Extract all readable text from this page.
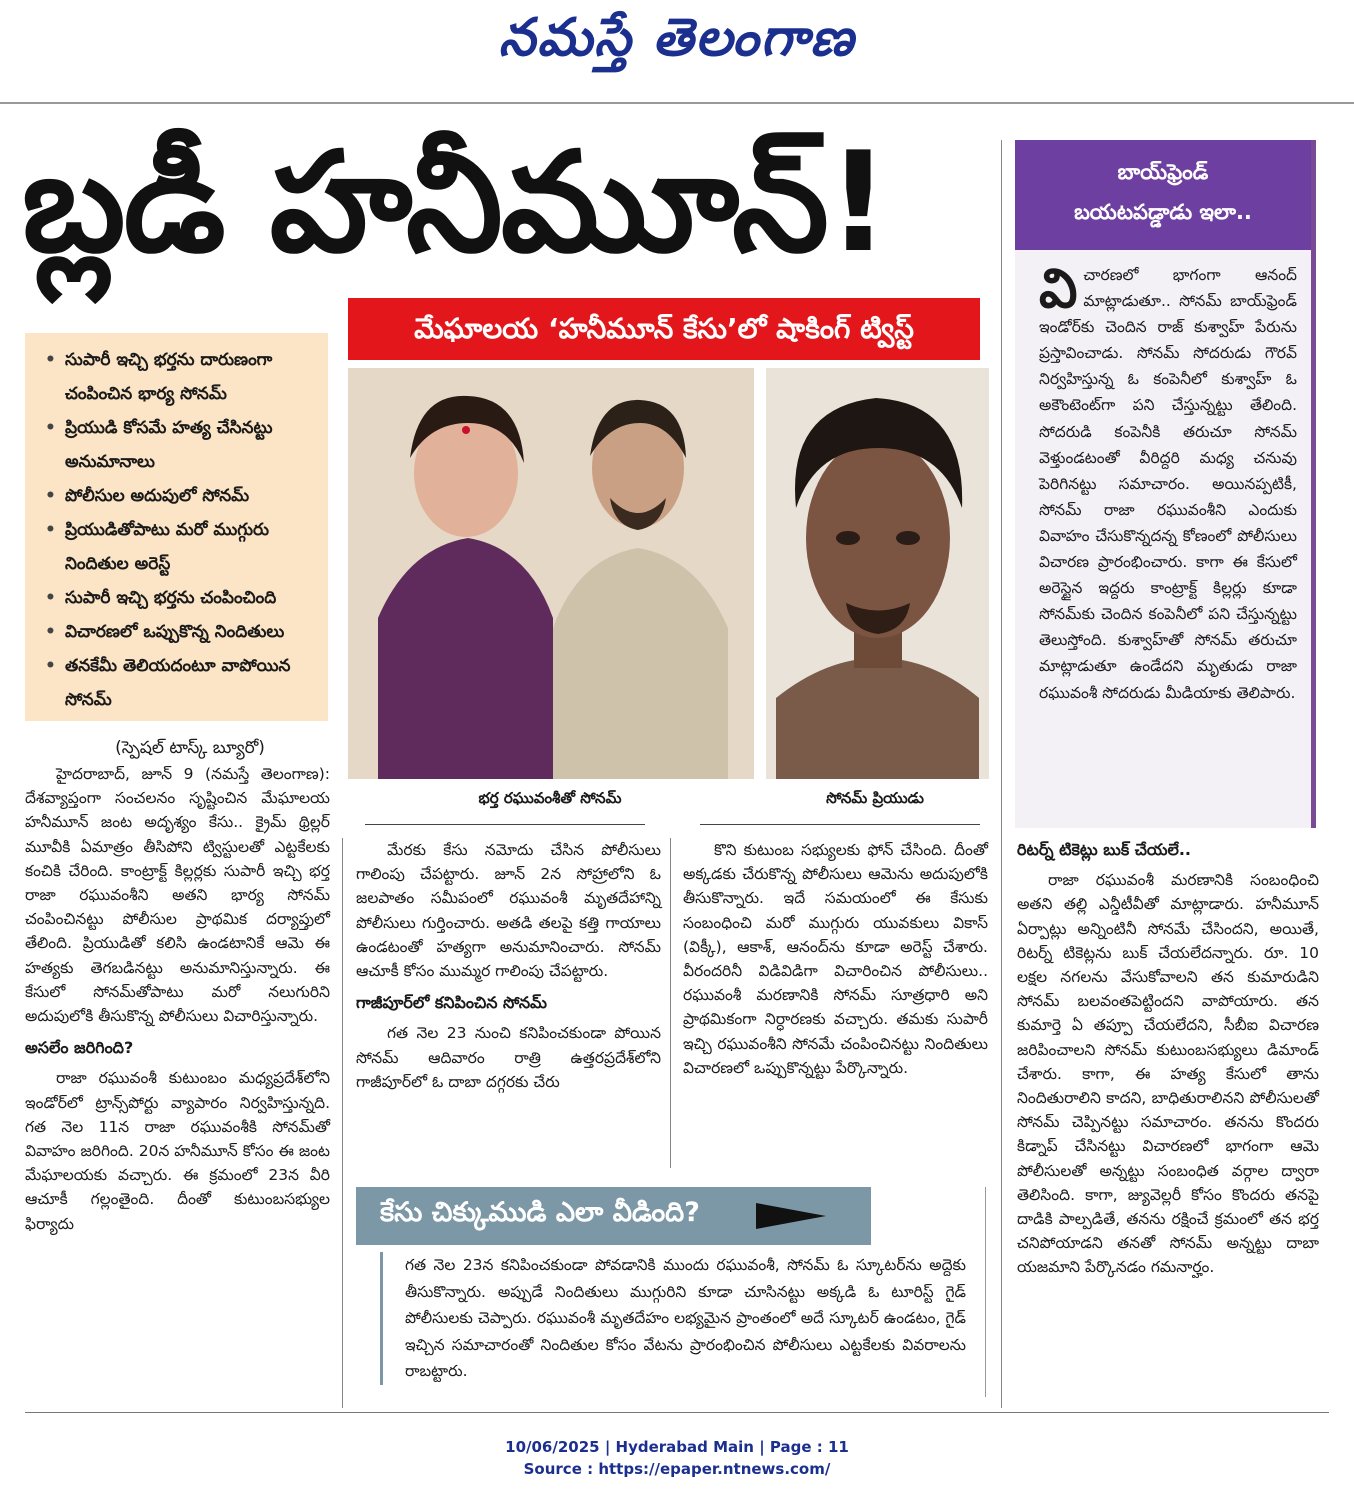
నమస్తే తెలంగాణ
బ్లడీ హనీమూన్!
మేఘాలయ ‘హనీమూన్ కేసు’లో షాకింగ్ ట్విస్ట్
• సుపారీ ఇచ్చి భర్తను దారుణంగా చంపించిన భార్య సోనమ్
• ప్రియుడి కోసమే హత్య చేసినట్టు అనుమానాలు
• పోలీసుల అదుపులో సోనమ్
• ప్రియుడితోపాటు మరో ముగ్గురు నిందితుల అరెస్ట్
• సుపారీ ఇచ్చి భర్తను చంపించింది
• విచారణలో ఒప్పుకొన్న నిందితులు
• తనకేమీ తెలియదంటూ వాపోయిన సోనమ్
(స్పెషల్ టాస్క్ బ్యూరో)
భర్త రఘువంశీతో సోనమ్	సోనమ్ ప్రియుడు

హైదరాబాద్, జూన్ 9 (నమస్తే తెలంగాణ): దేశవ్యాప్తంగా సంచలనం సృష్టించిన మేఘాలయ హనీమూన్ జంట అదృశ్యం కేసు.. క్రైమ్ థ్రిల్లర్ మూవీకి ఏమాత్రం తీసిపోని ట్విస్టులతో ఎట్టకేలకు కంచికి చేరింది. కాంట్రాక్ట్ కిల్లర్లకు సుపారీ ఇచ్చి భర్త రాజా రఘువంశీని అతని భార్య సోనమ్ చంపించినట్టు పోలీసుల ప్రాథమిక దర్యాప్తులో తేలింది. ప్రియుడితో కలిసి ఉండటానికే ఆమె ఈ హత్యకు తెగబడినట్టు అనుమానిస్తున్నారు. ఈ కేసులో సోనమ్‌తోపాటు మరో నలుగురిని అదుపులోకి తీసుకొన్న పోలీసులు విచారిస్తున్నారు.

అసలేం జరిగింది?

రాజా రఘువంశీ కుటుంబం మధ్యప్రదేశ్‌లోని ఇండోర్‌లో ట్రాన్స్‌పోర్టు వ్యాపారం నిర్వహిస్తున్నది. గత నెల 11న రాజా రఘువంశీకి సోనమ్‌తో వివాహం జరిగింది. 20న హనీమూన్ కోసం ఈ జంట మేఘాలయకు వచ్చారు. ఈ క్రమంలో 23న వీరి ఆచూకీ గల్లంతైంది. దీంతో కుటుంబసభ్యుల ఫిర్యాదు

మేరకు కేసు నమోదు చేసిన పోలీసులు గాలింపు చేపట్టారు. జూన్ 2న సోహ్రాలోని ఓ జలపాతం సమీపంలో రఘువంశీ మృతదేహాన్ని పోలీసులు గుర్తించారు. అతడి తలపై కత్తి గాయాలు ఉండటంతో హత్యగా అనుమానించారు. సోనమ్ ఆచూకీ కోసం ముమ్మర గాలింపు చేపట్టారు.

గాజీపూర్‌లో కనిపించిన సోనమ్

గత నెల 23 నుంచి కనిపించకుండా పోయిన సోనమ్ ఆదివారం రాత్రి ఉత్తరప్రదేశ్‌లోని గాజీపూర్‌లో ఓ దాబా దగ్గరకు చేరు

కొని కుటుంబ సభ్యులకు ఫోన్ చేసింది. దీంతో అక్కడకు చేరుకొన్న పోలీసులు ఆమెను అదుపులోకి తీసుకొన్నారు. ఇదే సమయంలో ఈ కేసుకు సంబంధించి మరో ముగ్గురు యువకులు వికాస్ (విక్కీ), ఆకాశ్, ఆనంద్‌ను కూడా అరెస్ట్ చేశారు. వీరందరినీ విడివిడిగా విచారించిన పోలీసులు.. రఘువంశీ మరణానికి సోనమ్ సూత్రధారి అని ప్రాథమికంగా నిర్ధారణకు వచ్చారు. తమకు సుపారీ ఇచ్చి రఘువంశీని సోనమే చంపించినట్టు నిందితులు విచారణలో ఒప్పుకొన్నట్టు పేర్కొన్నారు.

బాయ్‌ఫ్రెండ్
బయటపడ్డాడు ఇలా..
విచారణలో భాగంగా ఆనంద్ మాట్లాడుతూ.. సోనమ్ బాయ్‌ఫ్రెండ్ ఇండోర్‌కు చెందిన రాజ్ కుశ్వాహ్ పేరును ప్రస్తావించాడు. సోనమ్ సోదరుడు గౌరవ్ నిర్వహిస్తున్న ఓ కంపెనీలో కుశ్వాహ్ ఓ అకౌంటెంట్‌గా పని చేస్తున్నట్టు తేలింది. సోదరుడి కంపెనీకి తరుచూ సోనమ్ వెళ్తుండటంతో వీరిద్దరి మధ్య చనువు పెరిగినట్టు సమాచారం. అయినప్పటికీ, సోనమ్ రాజా రఘువంశీని ఎందుకు వివాహం చేసుకొన్నదన్న కోణంలో పోలీసులు విచారణ ప్రారంభించారు. కాగా ఈ కేసులో అరెస్టైన ఇద్దరు కాంట్రాక్ట్ కిల్లర్లు కూడా సోనమ్‌కు చెందిన కంపెనీలో పని చేస్తున్నట్టు తెలుస్తోంది. కుశ్వాహ్‌తో సోనమ్ తరుచూ మాట్లాడుతూ ఉండేదని మృతుడు రాజా రఘువంశీ సోదరుడు మీడియాకు తెలిపారు.
రిటర్న్ టికెట్లు బుక్ చేయలే..

రాజా రఘువంశీ మరణానికి సంబంధించి అతని తల్లి ఎన్డీటీవీతో మాట్లాడారు. హనీమూన్ ఏర్పాట్లు అన్నింటినీ సోనమే చేసిందని, అయితే, రిటర్న్ టికెట్లను బుక్ చేయలేదన్నారు. రూ. 10 లక్షల నగలను వేసుకోవాలని తన కుమారుడిని సోనమ్ బలవంతపెట్టిందని వాపోయారు. తన కుమార్తె ఏ తప్పూ చేయలేదని, సీబీఐ విచారణ జరిపించాలని సోనమ్ కుటుంబసభ్యులు డిమాండ్ చేశారు. కాగా, ఈ హత్య కేసులో తాను నిందితురాలిని కాదని, బాధితురాలినని పోలీసులతో సోనమ్ చెప్పినట్టు సమాచారం. తనను కొందరు కిడ్నాప్ చేసినట్టు విచారణలో భాగంగా ఆమె పోలీసులతో అన్నట్టు సంబంధిత వర్గాల ద్వారా తెలిసింది. కాగా, జ్యువెల్లరీ కోసం కొందరు తనపై దాడికి పాల్పడితే, తనను రక్షించే క్రమంలో తన భర్త చనిపోయాడని తనతో సోనమ్ అన్నట్టు దాబా యజమాని పేర్కొనడం గమనార్హం.

కేసు చిక్కుముడి ఎలా వీడింది?
గత నెల 23న కనిపించకుండా పోవడానికి ముందు రఘువంశీ, సోనమ్ ఓ స్కూటర్‌ను అద్దెకు తీసుకొన్నారు. అప్పుడే నిందితులు ముగ్గురిని కూడా చూసినట్టు అక్కడి ఓ టూరిస్ట్ గైడ్ పోలీసులకు చెప్పారు. రఘువంశీ మృతదేహం లభ్యమైన ప్రాంతంలో అదే స్కూటర్ ఉండటం, గైడ్ ఇచ్చిన సమాచారంతో నిందితుల కోసం వేటను ప్రారంభించిన పోలీసులు ఎట్టకేలకు వివరాలను రాబట్టారు.
10/06/2025 | Hyderabad Main | Page : 11
Source : https://epaper.ntnews.com/
